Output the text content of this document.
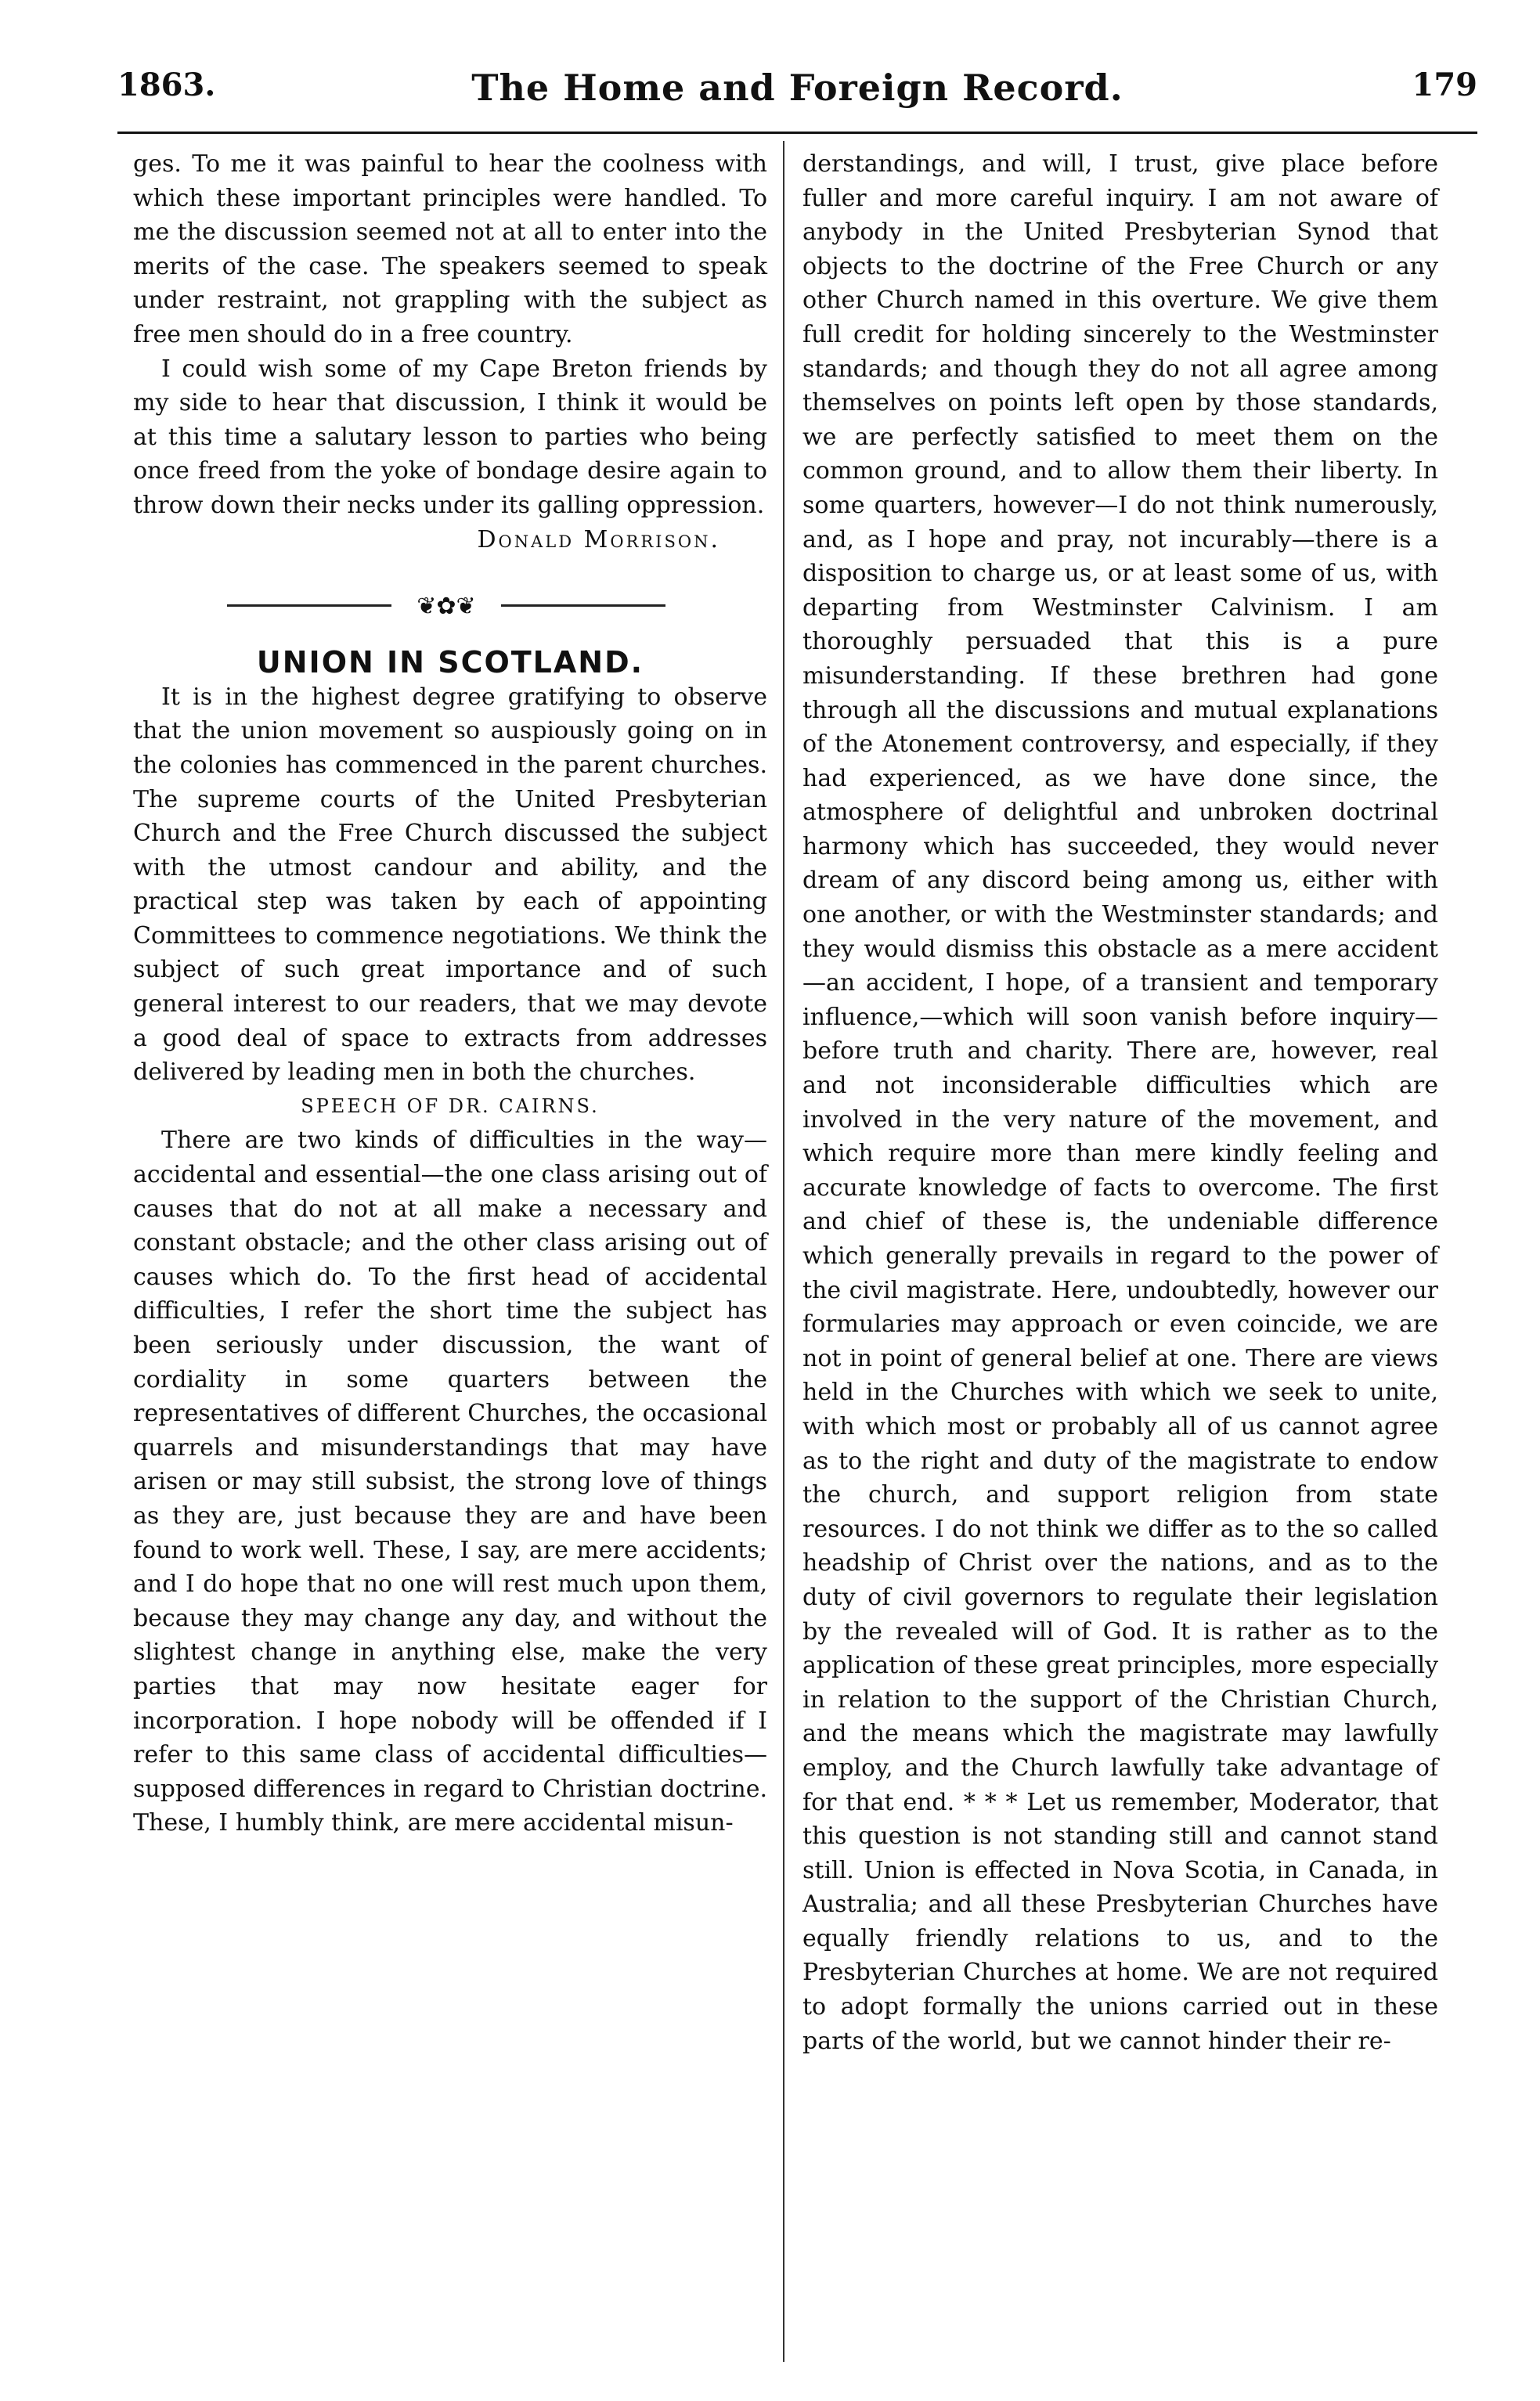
1863.	The Home and Foreign Record.	179

ges. To me it was painful to hear the coolness with which these important principles were handled. To me the discussion seemed not at all to enter into the merits of the case. The speakers seemed to speak under restraint, not grappling with the subject as free men should do in a free country.

I could wish some of my Cape Breton friends by my side to hear that discussion, I think it would be at this time a salutary lesson to parties who being once freed from the yoke of bondage desire again to throw down their necks under its galling oppression.

Donald Morrison.

❦✿❦

UNION IN SCOTLAND.

It is in the highest degree gratifying to observe that the union movement so auspiously going on in the colonies has commenced in the parent churches. The supreme courts of the United Presbyterian Church and the Free Church discussed the subject with the utmost candour and ability, and the practical step was taken by each of appointing Committees to commence negotiations. We think the subject of such great importance and of such general interest to our readers, that we may devote a good deal of space to extracts from addresses delivered by leading men in both the churches.

SPEECH OF DR. CAIRNS.

There are two kinds of difficulties in the way—accidental and essential—the one class arising out of causes that do not at all make a necessary and constant obstacle; and the other class arising out of causes which do. To the first head of accidental difficulties, I refer the short time the subject has been seriously under discussion, the want of cordiality in some quarters between the representatives of different Churches, the occasional quarrels and misunderstandings that may have arisen or may still subsist, the strong love of things as they are, just because they are and have been found to work well. These, I say, are mere accidents; and I do hope that no one will rest much upon them, because they may change any day, and without the slightest change in anything else, make the very parties that may now hesitate eager for incorporation. I hope nobody will be offended if I refer to this same class of accidental difficulties—supposed differences in regard to Christian doctrine. These, I humbly think, are mere accidental misun-

derstandings, and will, I trust, give place before fuller and more careful inquiry. I am not aware of anybody in the United Presbyterian Synod that objects to the doctrine of the Free Church or any other Church named in this overture. We give them full credit for holding sincerely to the Westminster standards; and though they do not all agree among themselves on points left open by those standards, we are perfectly satisfied to meet them on the common ground, and to allow them their liberty. In some quarters, however—I do not think numerously, and, as I hope and pray, not incurably—there is a disposition to charge us, or at least some of us, with departing from Westminster Calvinism. I am thoroughly persuaded that this is a pure misunderstanding. If these brethren had gone through all the discussions and mutual explanations of the Atonement controversy, and especially, if they had experienced, as we have done since, the atmosphere of delightful and unbroken doctrinal harmony which has succeeded, they would never dream of any discord being among us, either with one another, or with the Westminster standards; and they would dismiss this obstacle as a mere accident—an accident, I hope, of a transient and temporary influence,—which will soon vanish before inquiry—before truth and charity. There are, however, real and not inconsiderable difficulties which are involved in the very nature of the movement, and which require more than mere kindly feeling and accurate knowledge of facts to overcome. The first and chief of these is, the undeniable difference which generally prevails in regard to the power of the civil magistrate. Here, undoubtedly, however our formularies may approach or even coincide, we are not in point of general belief at one. There are views held in the Churches with which we seek to unite, with which most or probably all of us cannot agree as to the right and duty of the magistrate to endow the church, and support religion from state resources. I do not think we differ as to the so called headship of Christ over the nations, and as to the duty of civil governors to regulate their legislation by the revealed will of God. It is rather as to the application of these great principles, more especially in relation to the support of the Christian Church, and the means which the magistrate may lawfully employ, and the Church lawfully take advantage of for that end. * * * Let us remember, Moderator, that this question is not standing still and cannot stand still. Union is effected in Nova Scotia, in Canada, in Australia; and all these Presbyterian Churches have equally friendly relations to us, and to the Presbyterian Churches at home. We are not required to adopt formally the unions carried out in these parts of the world, but we cannot hinder their re-
